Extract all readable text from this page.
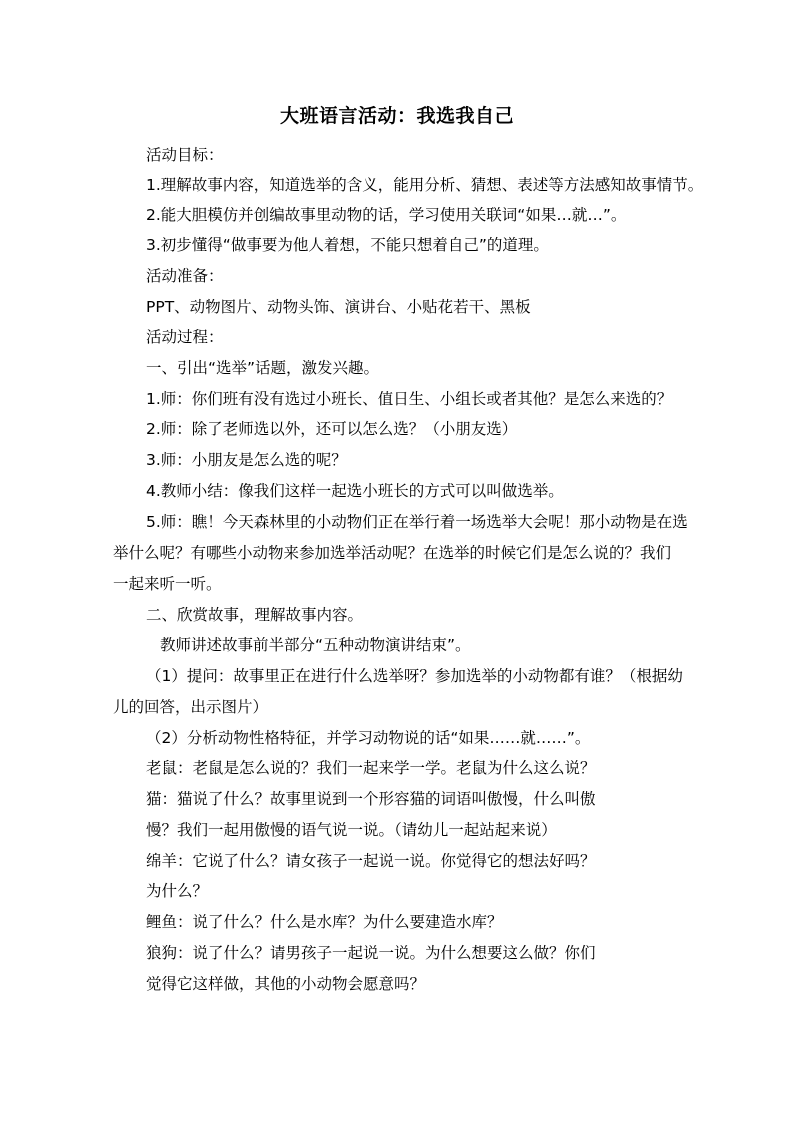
大班语言活动：我选我自己
活动目标：
1.理解故事内容，知道选举的含义，能用分析、猜想、表述等方法感知故事情节。
2.能大胆模仿并创编故事里动物的话，学习使用关联词“如果…就…”。
3.初步懂得“做事要为他人着想，不能只想着自己”的道理。
活动准备：
PPT、动物图片、动物头饰、演讲台、小贴花若干、黑板
活动过程：
一、引出“选举”话题，激发兴趣。
1.师：你们班有没有选过小班长、值日生、小组长或者其他？是怎么来选的？
2.师：除了老师选以外，还可以怎么选？（小朋友选）
3.师：小朋友是怎么选的呢？
4.教师小结：像我们这样一起选小班长的方式可以叫做选举。
5.师：瞧！今天森林里的小动物们正在举行着一场选举大会呢！那小动物是在选
举什么呢？有哪些小动物来参加选举活动呢？在选举的时候它们是怎么说的？我们
一起来听一听。
二、欣赏故事，理解故事内容。
教师讲述故事前半部分“五种动物演讲结束”。
（1）提问：故事里正在进行什么选举呀？参加选举的小动物都有谁？（根据幼
儿的回答，出示图片）
（2）分析动物性格特征，并学习动物说的话“如果……就……”。
老鼠：老鼠是怎么说的？我们一起来学一学。老鼠为什么这么说？
猫：猫说了什么？故事里说到一个形容猫的词语叫傲慢，什么叫傲
慢？我们一起用傲慢的语气说一说。（请幼儿一起站起来说）
绵羊：它说了什么？请女孩子一起说一说。你觉得它的想法好吗？
为什么？
鲤鱼：说了什么？什么是水库？为什么要建造水库？
狼狗：说了什么？请男孩子一起说一说。为什么想要这么做？你们
觉得它这样做，其他的小动物会愿意吗？
